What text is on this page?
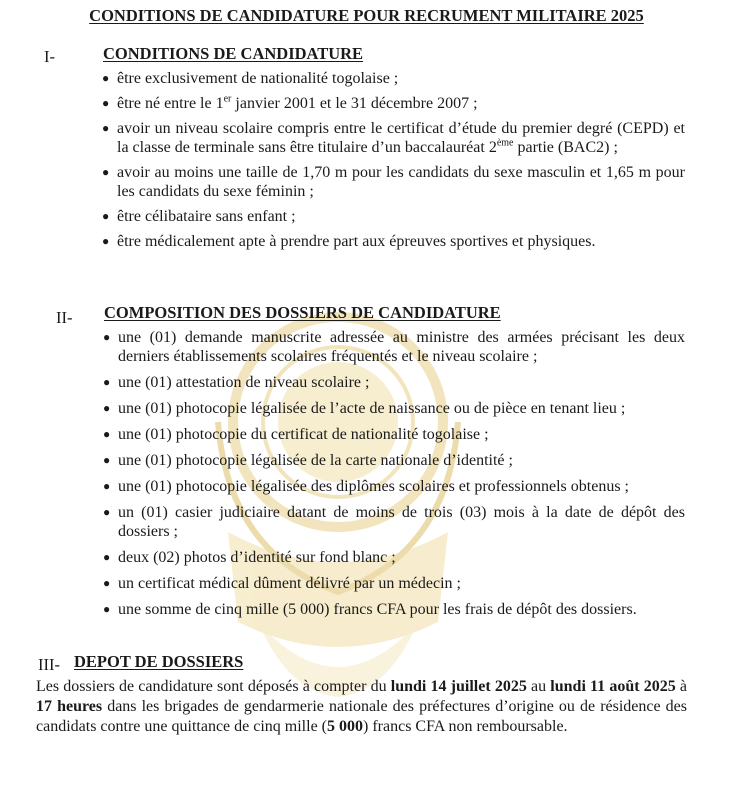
CONDITIONS DE CANDIDATURE POUR RECRUMENT MILITAIRE 2025
I-	CONDITIONS DE CANDIDATURE
● être exclusivement de nationalité togolaise ;
● être né entre le 1er janvier 2001 et le 31 décembre 2007 ;
● avoir un niveau scolaire compris entre le certificat d’étude du premier degré (CEPD) et la classe de terminale sans être titulaire d’un baccalauréat 2ème partie (BAC2) ;
● avoir au moins une taille de 1,70 m pour les candidats du sexe masculin et 1,65 m pour les candidats du sexe féminin ;
● être célibataire sans enfant ;
● être médicalement apte à prendre part aux épreuves sportives et physiques.
II- COMPOSITION DES DOSSIERS DE CANDIDATURE
● une (01) demande manuscrite adressée au ministre des armées précisant les deux derniers établissements scolaires fréquentés et le niveau scolaire ;
● une (01) attestation de niveau scolaire ;
● une (01) photocopie légalisée de l’acte de naissance ou de pièce en tenant lieu ;
● une (01) photocopie du certificat de nationalité togolaise ;
● une (01) photocopie légalisée de la carte nationale d’identité ;
● une (01) photocopie légalisée des diplômes scolaires et professionnels obtenus ;
● un (01) casier judiciaire datant de moins de trois (03) mois à la date de dépôt des dossiers ;
● deux (02) photos d’identité sur fond blanc ;
● un certificat médical dûment délivré par un médecin ;
● une somme de cinq mille (5 000) francs CFA pour les frais de dépôt des dossiers.
III- DEPOT DE DOSSIERS
Les dossiers de candidature sont déposés à compter du lundi 14 juillet 2025 au lundi 11 août 2025 à 17 heures dans les brigades de gendarmerie nationale des préfectures d’origine ou de résidence des candidats contre une quittance de cinq mille (5 000) francs CFA non remboursable.
